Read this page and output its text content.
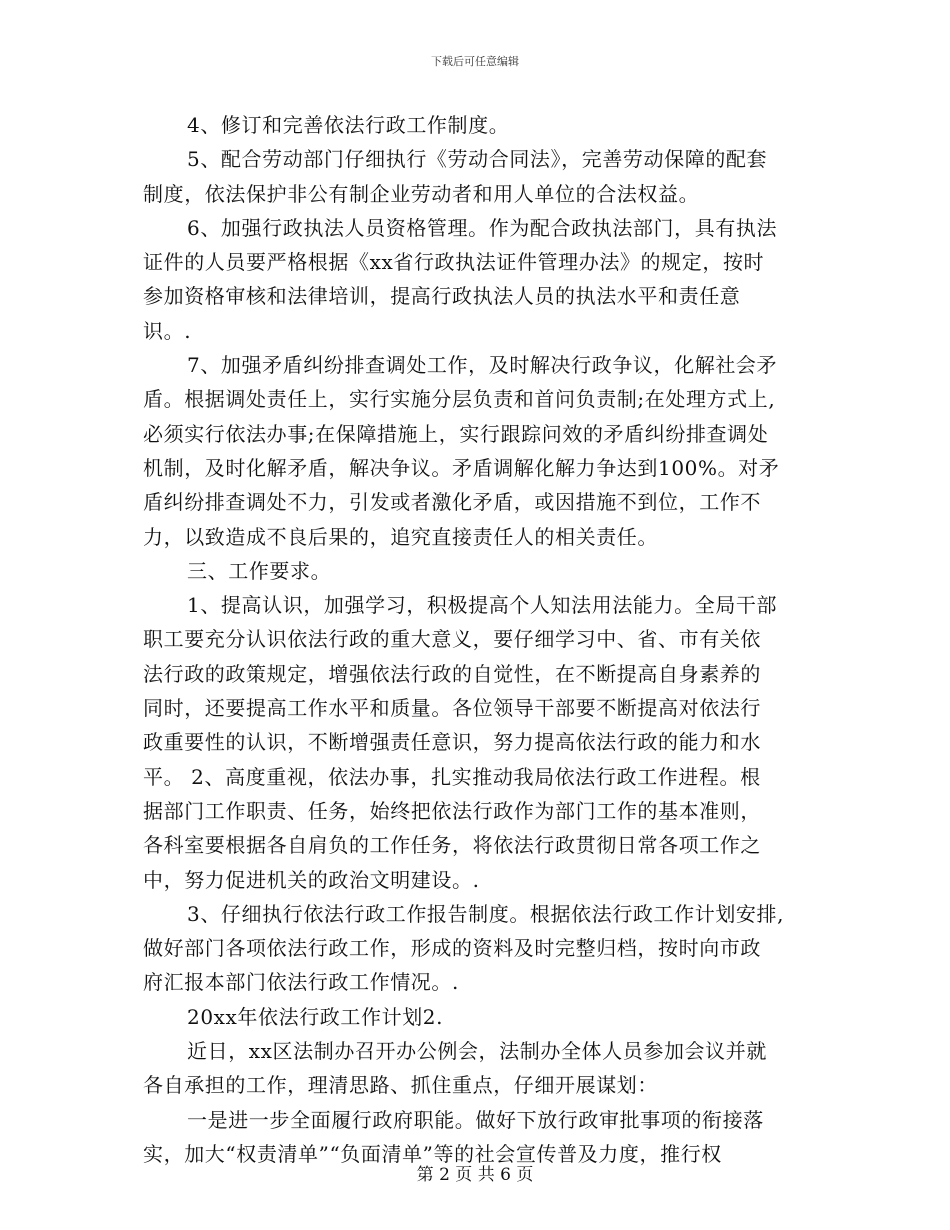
下载后可任意编辑
4、修订和完善依法行政工作制度。
5、配合劳动部门仔细执行《劳动合同法》，完善劳动保障的配套
制度，依法保护非公有制企业劳动者和用人单位的合法权益。
6、加强行政执法人员资格管理。作为配合政执法部门，具有执法
证件的人员要严格根据《xx省行政执法证件管理办法》的规定，按时
参加资格审核和法律培训，提高行政执法人员的执法水平和责任意
识。.
7、加强矛盾纠纷排查调处工作，及时解决行政争议，化解社会矛
盾。根据调处责任上，实行实施分层负责和首问负责制;在处理方式上,
必须实行依法办事;在保障措施上，实行跟踪问效的矛盾纠纷排查调处
机制，及时化解矛盾，解决争议。矛盾调解化解力争达到100%。对矛
盾纠纷排查调处不力，引发或者激化矛盾，或因措施不到位，工作不
力，以致造成不良后果的，追究直接责任人的相关责任。
三、工作要求。
1、提高认识，加强学习，积极提高个人知法用法能力。全局干部
职工要充分认识依法行政的重大意义，要仔细学习中、省、市有关依
法行政的政策规定，增强依法行政的自觉性，在不断提高自身素养的
同时，还要提高工作水平和质量。各位领导干部要不断提高对依法行
政重要性的认识，不断增强责任意识，努力提高依法行政的能力和水
平。 2、高度重视，依法办事，扎实推动我局依法行政工作进程。根
据部门工作职责、任务，始终把依法行政作为部门工作的基本准则，
各科室要根据各自肩负的工作任务，将依法行政贯彻日常各项工作之
中，努力促进机关的政治文明建设。.
3、仔细执行依法行政工作报告制度。根据依法行政工作计划安排,
做好部门各项依法行政工作，形成的资料及时完整归档，按时向市政
府汇报本部门依法行政工作情况。.
20xx年依法行政工作计划2.
近日，xx区法制办召开办公例会，法制办全体人员参加会议并就
各自承担的工作，理清思路、抓住重点，仔细开展谋划：
一是进一步全面履行政府职能。做好下放行政审批事项的衔接落
实，加大“权责清单”“负面清单”等的社会宣传普及力度，推行权
第 2 页 共 6 页
